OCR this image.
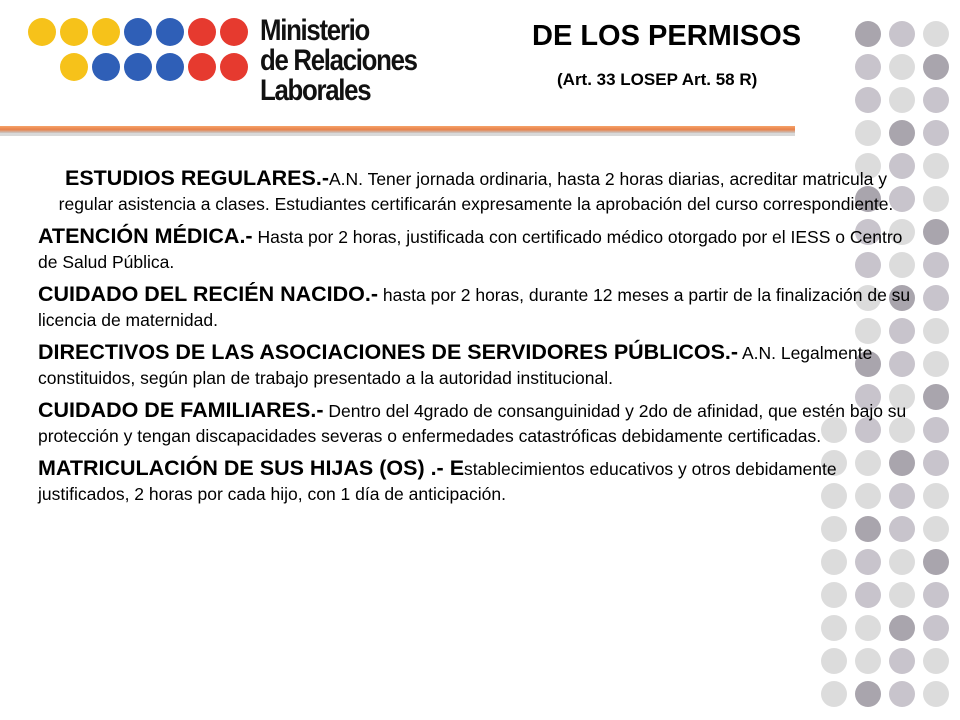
Ministerio
de Relaciones
Laborales
DE LOS PERMISOS
(Art. 33 LOSEP Art. 58 R)

ESTUDIOS REGULARES.-A.N. Tener jornada ordinaria, hasta 2 horas diarias, acreditar matricula y regular asistencia a clases. Estudiantes certificarán expresamente la aprobación del curso correspondiente.

ATENCIÓN MÉDICA.- Hasta por 2 horas, justificada con certificado médico otorgado por el IESS o Centro de Salud Pública.

CUIDADO DEL RECIÉN NACIDO.- hasta por 2 horas, durante 12 meses a partir de la finalización de su licencia de maternidad.

DIRECTIVOS DE LAS ASOCIACIONES DE SERVIDORES PÚBLICOS.- A.N. Legalmente constituidos, según plan de trabajo presentado a la autoridad institucional.

CUIDADO DE FAMILIARES.- Dentro del 4grado de consanguinidad y 2do de afinidad, que estén bajo su protección y tengan discapacidades severas o enfermedades catastróficas debidamente certificadas.

MATRICULACIÓN DE SUS HIJAS (OS) .- Establecimientos educativos y otros debidamente justificados, 2 horas por cada hijo, con 1 día de anticipación.
